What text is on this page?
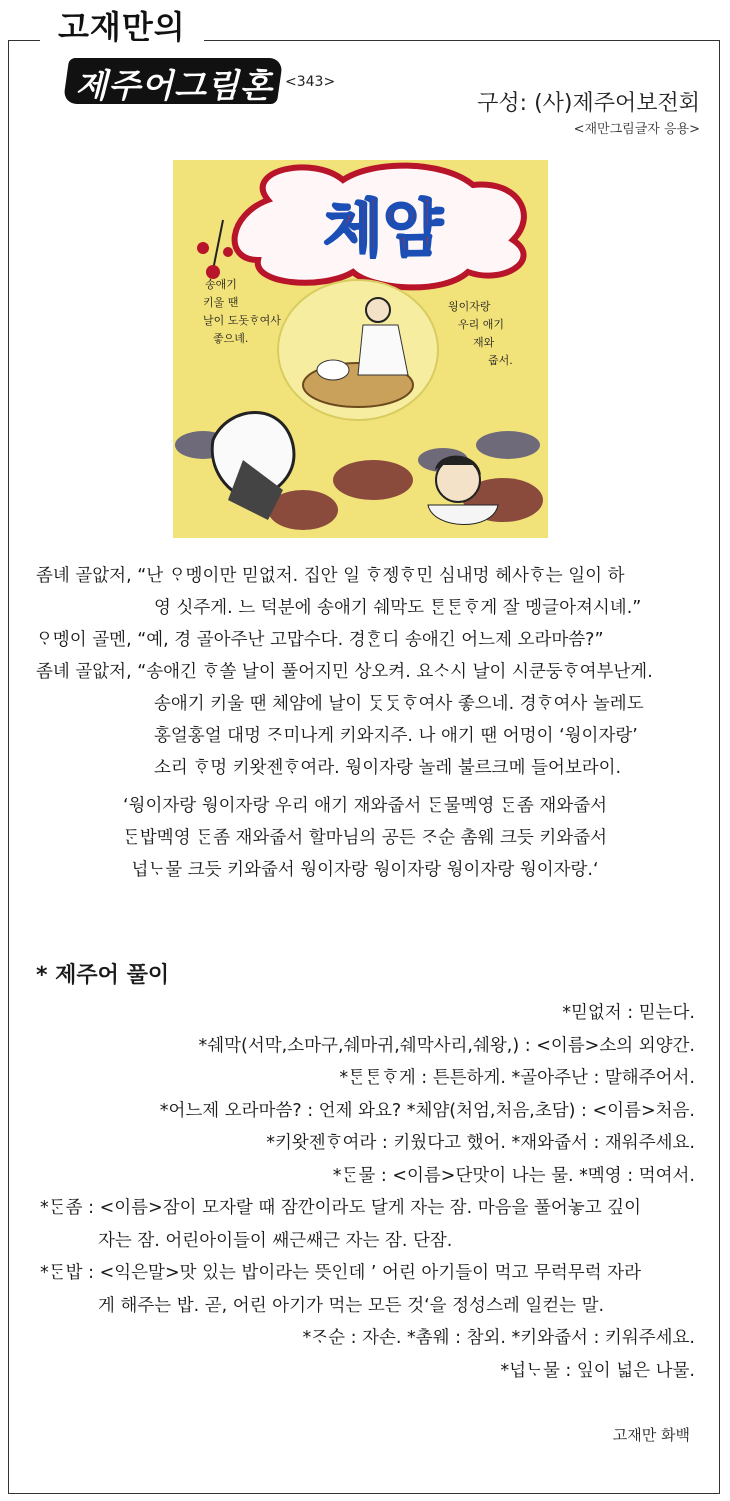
고재만의
제주어그림혼판
<343>
구성: (사)제주어보전회
<재만그림글자 응용>
체얌
송애기
키울 땐
날이 도돗ᄒᆞ여사
좋으녜.
웡이자랑
우리 애기
재와
줍서.
좀녜 골앖저, “난 ᄋᆞ멩이만 믿없저. 집안 일 ᄒᆞ젱ᄒᆞ민 심내멍 헤사ᄒᆞ는 일이 하
영 싯주게. 느 덕분에 송애기 쉐막도 ᄐᆞᆫᄐᆞᆫᄒᆞ게 잘 멩글아져시녜.”
ᄋᆞ멩이 골멘, “예, 경 골아주난 고맙수다. 경ᄒᆞᆫ디 송애긴 어느제 오라마씀?”
좀녜 골앖저, “송애긴 ᄒᆞ쏠 날이 풀어지민 상오켜. 요ᄉᆞ시 날이 시쿤둥ᄒᆞ여부난게.
송애기 키울 땐 체얌에 날이 ᄃᆞᆺᄃᆞᆺᄒᆞ여사 좋으네. 경ᄒᆞ여사 놀레도
홍얼홍얼 대멍 ᄌᆞ미나게 키와지주. 나 애기 땐 어멍이 ‘웡이자랑’
소리 ᄒᆞ멍 키왓젠ᄒᆞ여라. 웡이자랑 놀레 불르크메 들어보라이.
‘웡이자랑 웡이자랑 우리 애기 재와줍서 ᄃᆞᆫ물멕영 ᄃᆞᆫ좀 재와줍서
ᄃᆞᆫ밥멕영 ᄃᆞᆫ좀 재와줍서 할마님의 공든 ᄌᆞ순 촘웨 크듯 키와줍서
넙ᄂᆞ물 크듯 키와줍서 웡이자랑 웡이자랑 웡이자랑 웡이자랑.‘
* 제주어 풀이
*믿없저 : 믿는다.
*쉐막(서막,소마구,쉐마귀,쉐막사리,쉐왕,) : <이름>소의 외양간.
*ᄐᆞᆫᄐᆞᆫᄒᆞ게 : 튼튼하게. *골아주난 : 말해주어서.
*어느제 오라마씀? : 언제 와요? *체얌(처엄,처음,초담) : <이름>처음.
*키왓젠ᄒᆞ여라 : 키웠다고 했어. *재와줍서 : 재워주세요.
*ᄃᆞᆫ물 : <이름>단맛이 나는 물. *멕영 : 먹여서.
*ᄃᆞᆫ좀 : <이름>잠이 모자랄 때 잠깐이라도 달게 자는 잠. 마음을 풀어놓고 깊이
자는 잠. 어린아이들이 쌔근쌔근 자는 잠. 단잠.
*ᄃᆞᆫ밥 : <익은말>맛 있는 밥이라는 뜻인데 ’ 어린 아기들이 먹고 무럭무럭 자라
게 해주는 밥. 곧, 어린 아기가 먹는 모든 것‘을 정성스레 일컫는 말.
*ᄌᆞ순 : 자손. *촘웨 : 참외. *키와줍서 : 키워주세요.
*넙ᄂᆞ물 : 잎이 넓은 나물.
고재만 화백
